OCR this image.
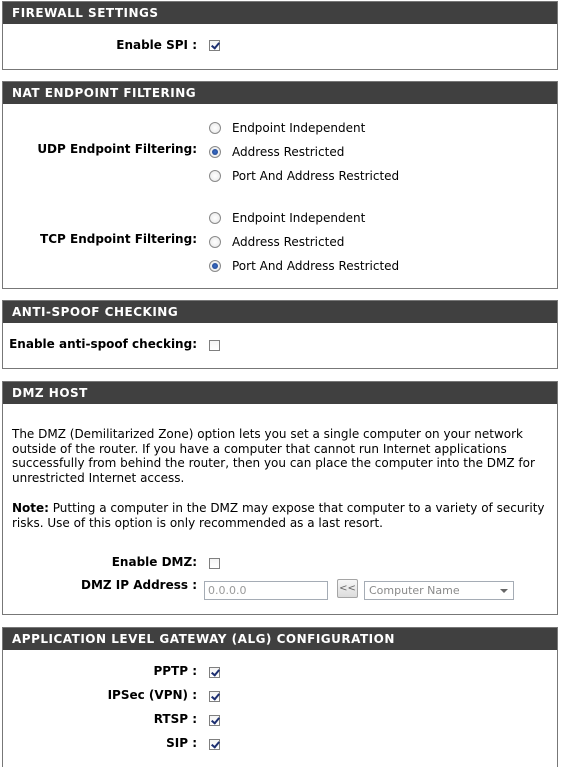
FIREWALL SETTINGS
Enable SPI :
NAT ENDPOINT FILTERING
UDP Endpoint Filtering:
Endpoint Independent
Address Restricted
Port And Address Restricted
TCP Endpoint Filtering:
Endpoint Independent
Address Restricted
Port And Address Restricted
ANTI-SPOOF CHECKING
Enable anti-spoof checking:
DMZ HOST
The DMZ (Demilitarized Zone) option lets you set a single computer on your network outside of the router. If you have a computer that cannot run Internet applications successfully from behind the router, then you can place the computer into the DMZ for unrestricted Internet access.
Note: Putting a computer in the DMZ may expose that computer to a variety of security risks. Use of this option is only recommended as a last resort.
Enable DMZ:
DMZ IP Address :	0.0.0.0	<<	Computer Name
APPLICATION LEVEL GATEWAY (ALG) CONFIGURATION
PPTP :
IPSec (VPN) :
RTSP :
SIP :
